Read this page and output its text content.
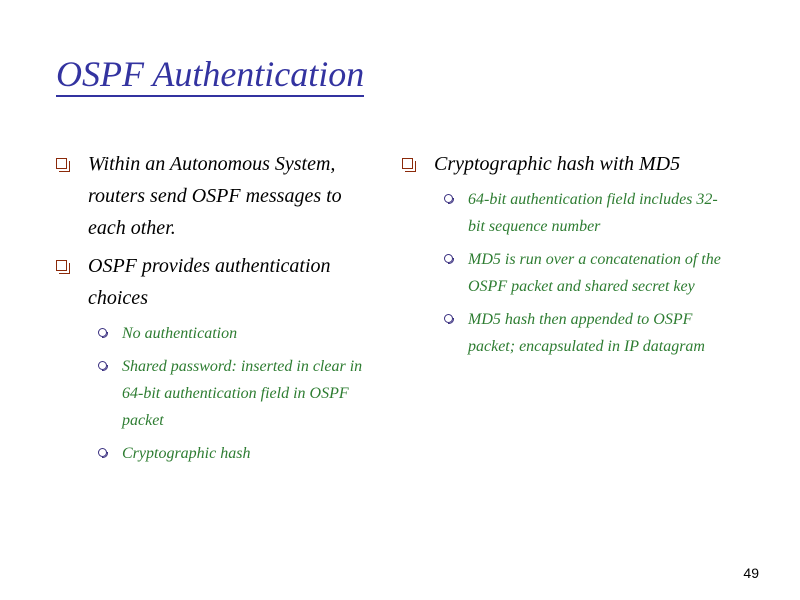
OSPF Authentication
Within an Autonomous System, routers send OSPF messages to each other.
OSPF provides authentication choices
No authentication
Shared password: inserted in clear in 64-bit authentication field in OSPF packet
Cryptographic hash
Cryptographic hash with MD5
64-bit authentication field includes 32-bit sequence number
MD5 is run over a concatenation of the OSPF packet and shared secret key
MD5 hash then appended to OSPF packet; encapsulated in IP datagram
49
